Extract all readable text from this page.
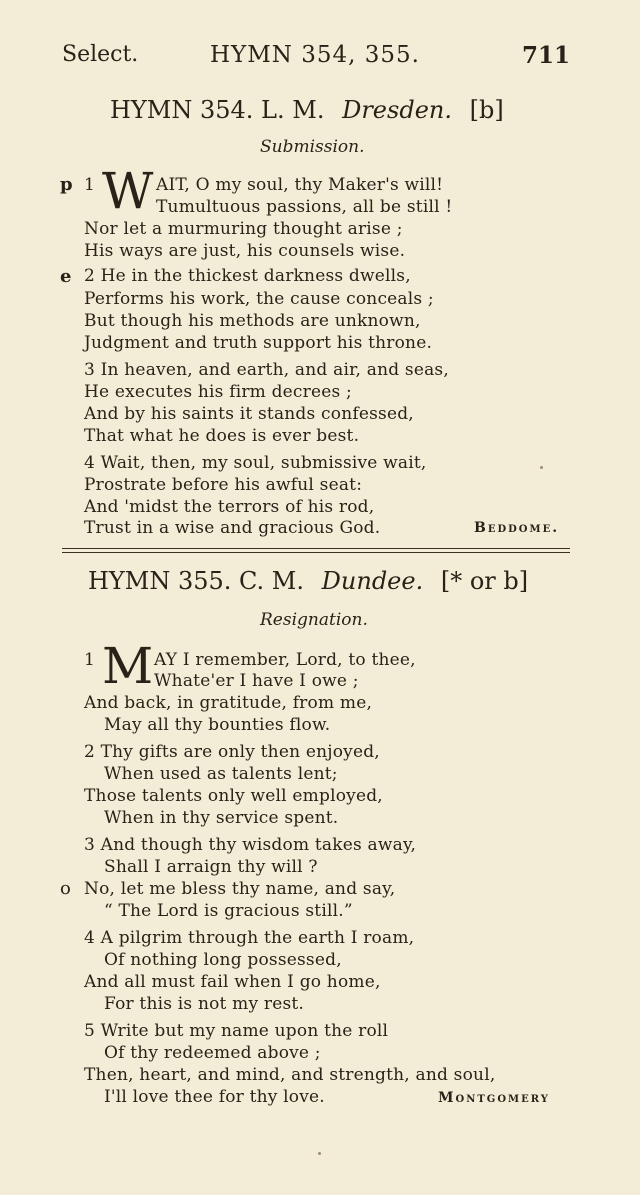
Select.	HYMN 354, 355.	711
HYMN 354. L. M. Dresden. [b]
Submission.
p 1 W AIT, O my soul, thy Maker's will!
Tumultuous passions, all be still !
Nor let a murmuring thought arise ;
His ways are just, his counsels wise.
e 2 He in the thickest darkness dwells,
Performs his work, the cause conceals ;
But though his methods are unknown,
Judgment and truth support his throne.
3 In heaven, and earth, and air, and seas,
He executes his firm decrees ;
And by his saints it stands confessed,
That what he does is ever best.
4 Wait, then, my soul, submissive wait,
Prostrate before his awful seat:
And 'midst the terrors of his rod,
Trust in a wise and gracious God.	Beddome.
HYMN 355. C. M. Dundee. [* or b]
Resignation.
1 M AY I remember, Lord, to thee,
Whate'er I have I owe ;
And back, in gratitude, from me,
May all thy bounties flow.
2 Thy gifts are only then enjoyed,
When used as talents lent;
Those talents only well employed,
When in thy service spent.
3 And though thy wisdom takes away,
Shall I arraign thy will ?
o No, let me bless thy name, and say,
“ The Lord is gracious still.”
4 A pilgrim through the earth I roam,
Of nothing long possessed,
And all must fail when I go home,
For this is not my rest.
5 Write but my name upon the roll
Of thy redeemed above ;
Then, heart, and mind, and strength, and soul,
I'll love thee for thy love.	Montgomery
